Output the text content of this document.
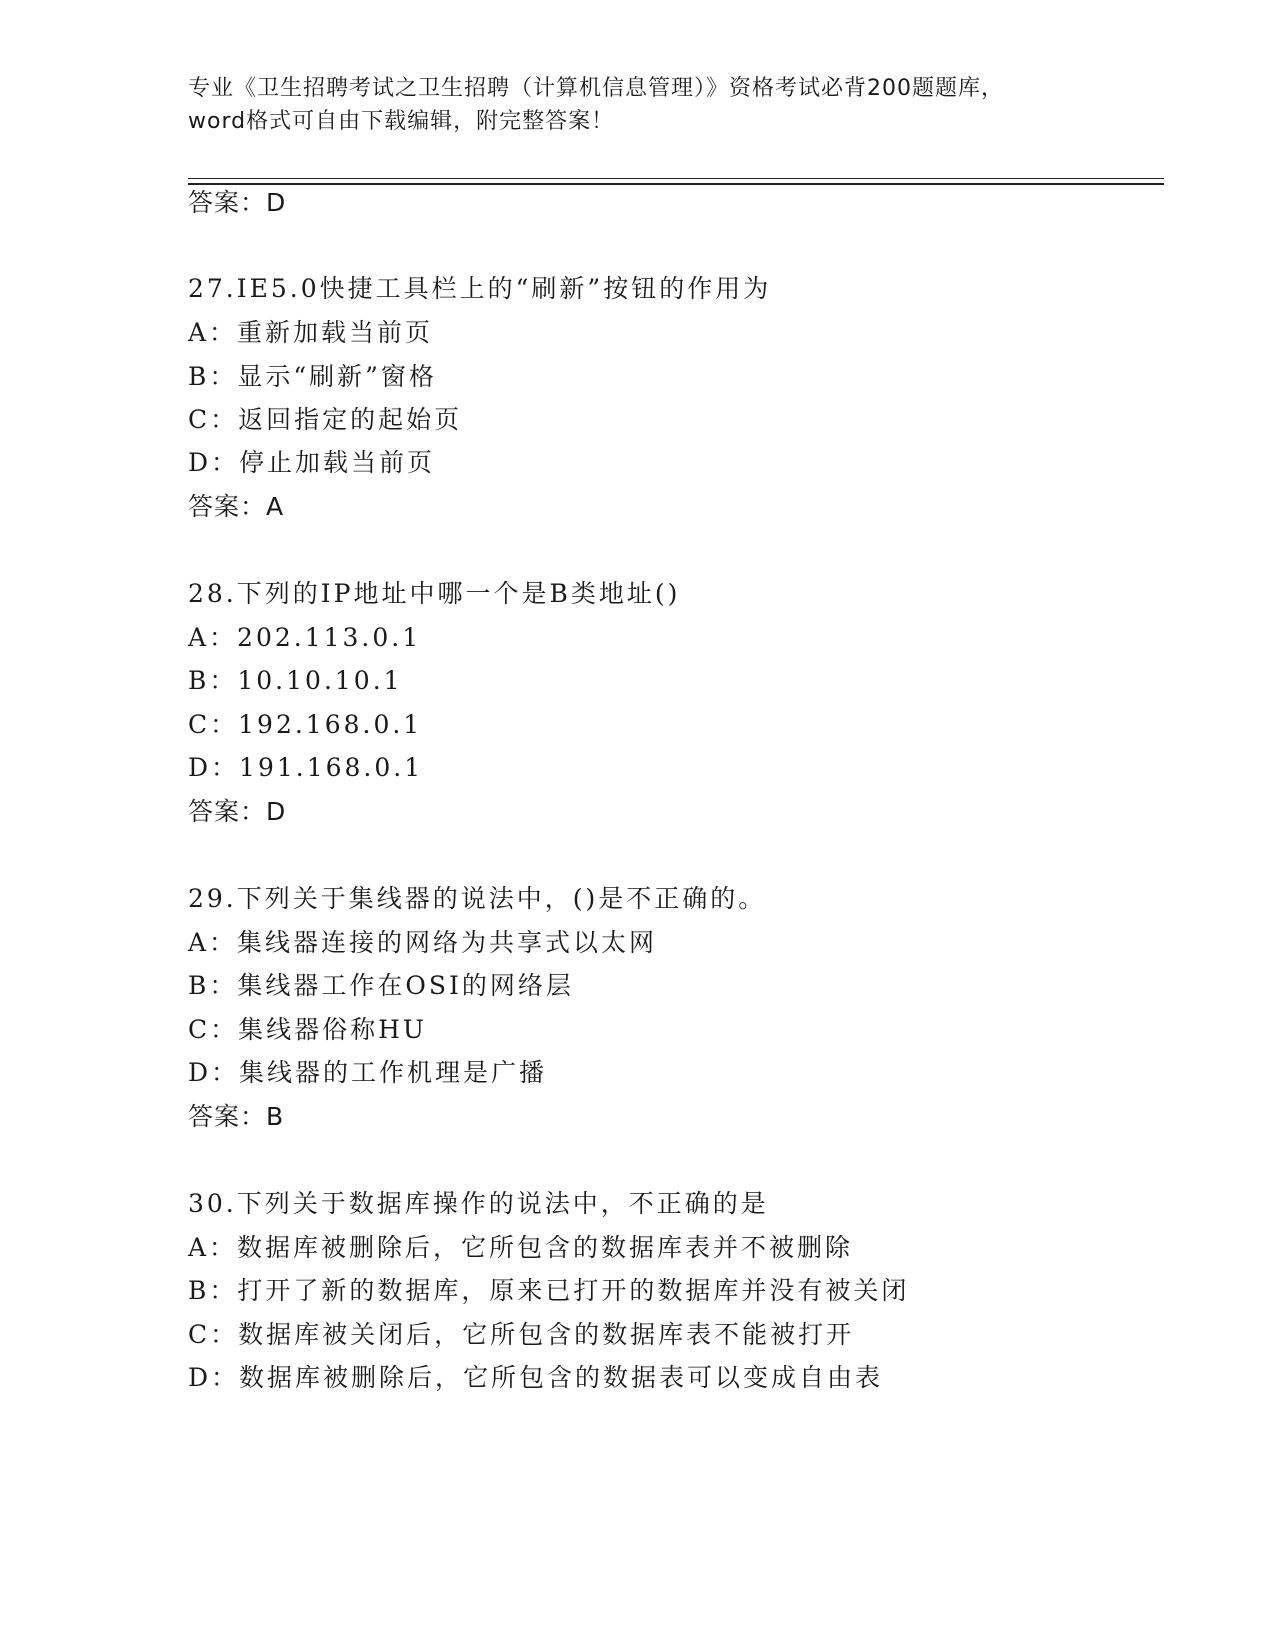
专业《卫生招聘考试之卫生招聘（计算机信息管理）》资格考试必背200题题库，
word格式可自由下载编辑，附完整答案！
答案：D
27.IE5.0快捷工具栏上的“刷新”按钮的作用为
A：重新加载当前页
B：显示“刷新”窗格
C：返回指定的起始页
D：停止加载当前页
答案：A
28.下列的IP地址中哪一个是B类地址()
A：202.113.0.1
B：10.10.10.1
C：192.168.0.1
D：191.168.0.1
答案：D
29.下列关于集线器的说法中，()是不正确的。
A：集线器连接的网络为共享式以太网
B：集线器工作在OSI的网络层
C：集线器俗称HU
D：集线器的工作机理是广播
答案：B
30.下列关于数据库操作的说法中，不正确的是
A：数据库被删除后，它所包含的数据库表并不被删除
B：打开了新的数据库，原来已打开的数据库并没有被关闭
C：数据库被关闭后，它所包含的数据库表不能被打开
D：数据库被删除后，它所包含的数据表可以变成自由表
